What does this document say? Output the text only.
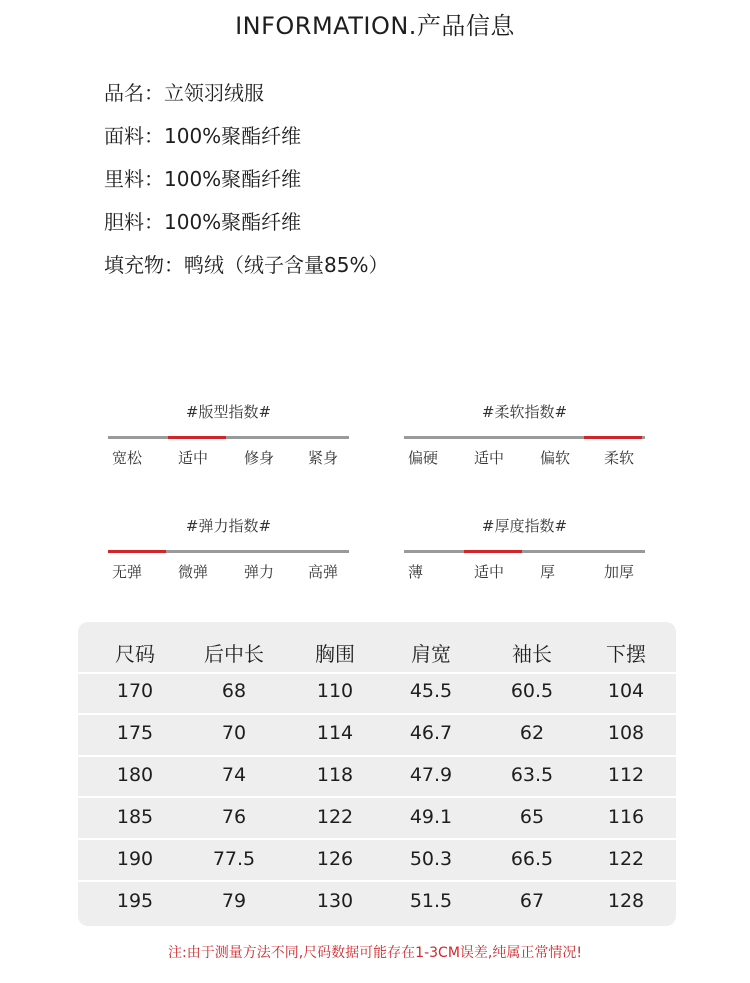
INFORMATION.产品信息
品名：立领羽绒服
面料：100%聚酯纤维
里料：100%聚酯纤维
胆料：100%聚酯纤维
填充物：鸭绒（绒子含量85%）
#版型指数#
宽松 适中 修身 紧身
#柔软指数#
偏硬 适中 偏软 柔软
#弹力指数#
无弹 微弹 弹力 高弹
#厚度指数#
薄	适中 厚	加厚
尺码	后中长	胸围	肩宽	袖长	下摆
170	68	110	45.5	60.5	104
175	70	114	46.7	62	108
180	74	118	47.9	63.5	112
185	76	122	49.1	65	116
190	77.5	126	50.3	66.5	122
195	79	130	51.5	67	128
注:由于测量方法不同,尺码数据可能存在1-3CM误差,纯属正常情况!
